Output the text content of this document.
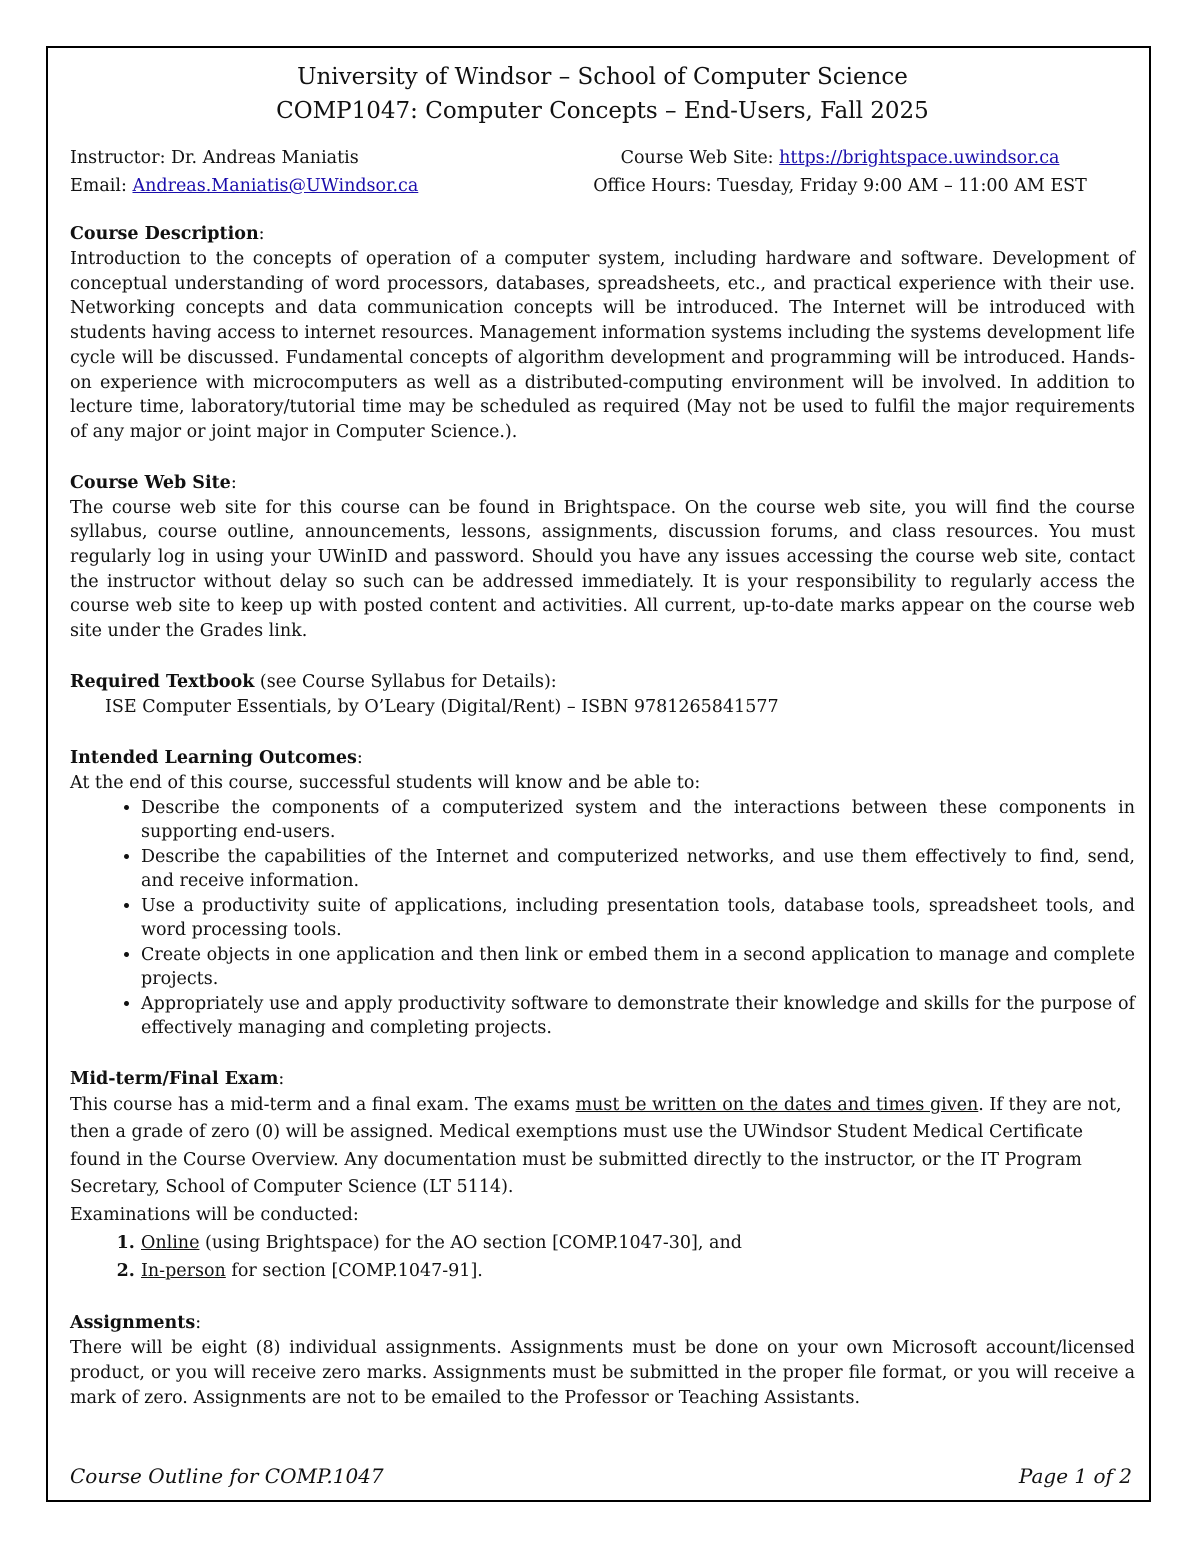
University of Windsor – School of Computer Science
COMP1047: Computer Concepts – End-Users, Fall 2025
Instructor: Dr. Andreas Maniatis
Email: Andreas.Maniatis@UWindsor.ca
Course Web Site: https://brightspace.uwindsor.ca
Office Hours: Tuesday, Friday 9:00 AM – 11:00 AM EST
Course Description:
Introduction to the concepts of operation of a computer system, including hardware and software. Development of conceptual understanding of word processors, databases, spreadsheets, etc., and practical experience with their use. Networking concepts and data communication concepts will be introduced. The Internet will be introduced with students having access to internet resources. Management information systems including the systems development life cycle will be discussed. Fundamental concepts of algorithm development and programming will be introduced. Hands-on experience with microcomputers as well as a distributed-computing environment will be involved. In addition to lecture time, laboratory/tutorial time may be scheduled as required (May not be used to fulfil the major requirements of any major or joint major in Computer Science.).
Course Web Site:
The course web site for this course can be found in Brightspace. On the course web site, you will find the course syllabus, course outline, announcements, lessons, assignments, discussion forums, and class resources. You must regularly log in using your UWinID and password. Should you have any issues accessing the course web site, contact the instructor without delay so such can be addressed immediately. It is your responsibility to regularly access the course web site to keep up with posted content and activities. All current, up-to-date marks appear on the course web site under the Grades link.
Required Textbook (see Course Syllabus for Details):
ISE Computer Essentials, by O’Leary (Digital/Rent) – ISBN 9781265841577
Intended Learning Outcomes:
At the end of this course, successful students will know and be able to:
• Describe the components of a computerized system and the interactions between these components in supporting end-users.
• Describe the capabilities of the Internet and computerized networks, and use them effectively to find, send, and receive information.
• Use a productivity suite of applications, including presentation tools, database tools, spreadsheet tools, and word processing tools.
• Create objects in one application and then link or embed them in a second application to manage and complete projects.
• Appropriately use and apply productivity software to demonstrate their knowledge and skills for the purpose of effectively managing and completing projects.
Mid-term/Final Exam:
This course has a mid-term and a final exam. The exams must be written on the dates and times given. If they are not, then a grade of zero (0) will be assigned. Medical exemptions must use the UWindsor Student Medical Certificate found in the Course Overview. Any documentation must be submitted directly to the instructor, or the IT Program Secretary, School of Computer Science (LT 5114).
Examinations will be conducted:
1. Online (using Brightspace) for the AO section [COMP.1047-30], and
2. In-person for section [COMP.1047-91].
Assignments:
There will be eight (8) individual assignments. Assignments must be done on your own Microsoft account/licensed product, or you will receive zero marks. Assignments must be submitted in the proper file format, or you will receive a mark of zero. Assignments are not to be emailed to the Professor or Teaching Assistants.
Course Outline for COMP.1047	Page 1 of 2
